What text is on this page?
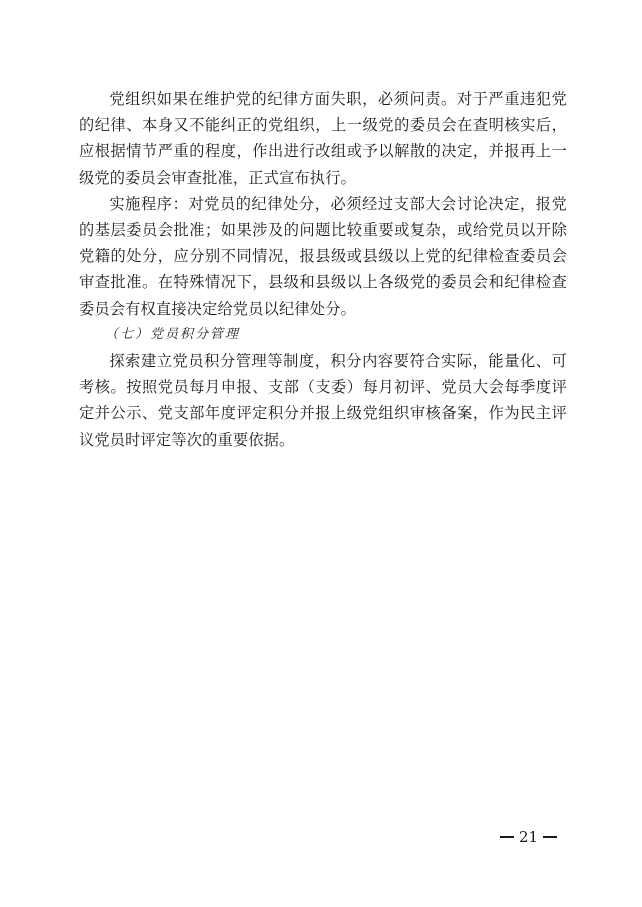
党组织如果在维护党的纪律方面失职，必须问责。对于严重违犯党的纪律、本身又不能纠正的党组织，上一级党的委员会在查明核实后，应根据情节严重的程度，作出进行改组或予以解散的决定，并报再上一级党的委员会审查批准，正式宣布执行。

实施程序：对党员的纪律处分，必须经过支部大会讨论决定，报党的基层委员会批准；如果涉及的问题比较重要或复杂，或给党员以开除党籍的处分，应分别不同情况，报县级或县级以上党的纪律检查委员会审查批准。在特殊情况下，县级和县级以上各级党的委员会和纪律检查委员会有权直接决定给党员以纪律处分。

（七）党员积分管理

探索建立党员积分管理等制度，积分内容要符合实际，能量化、可考核。按照党员每月申报、支部（支委）每月初评、党员大会每季度评定并公示、党支部年度评定积分并报上级党组织审核备案，作为民主评议党员时评定等次的重要依据。

21
